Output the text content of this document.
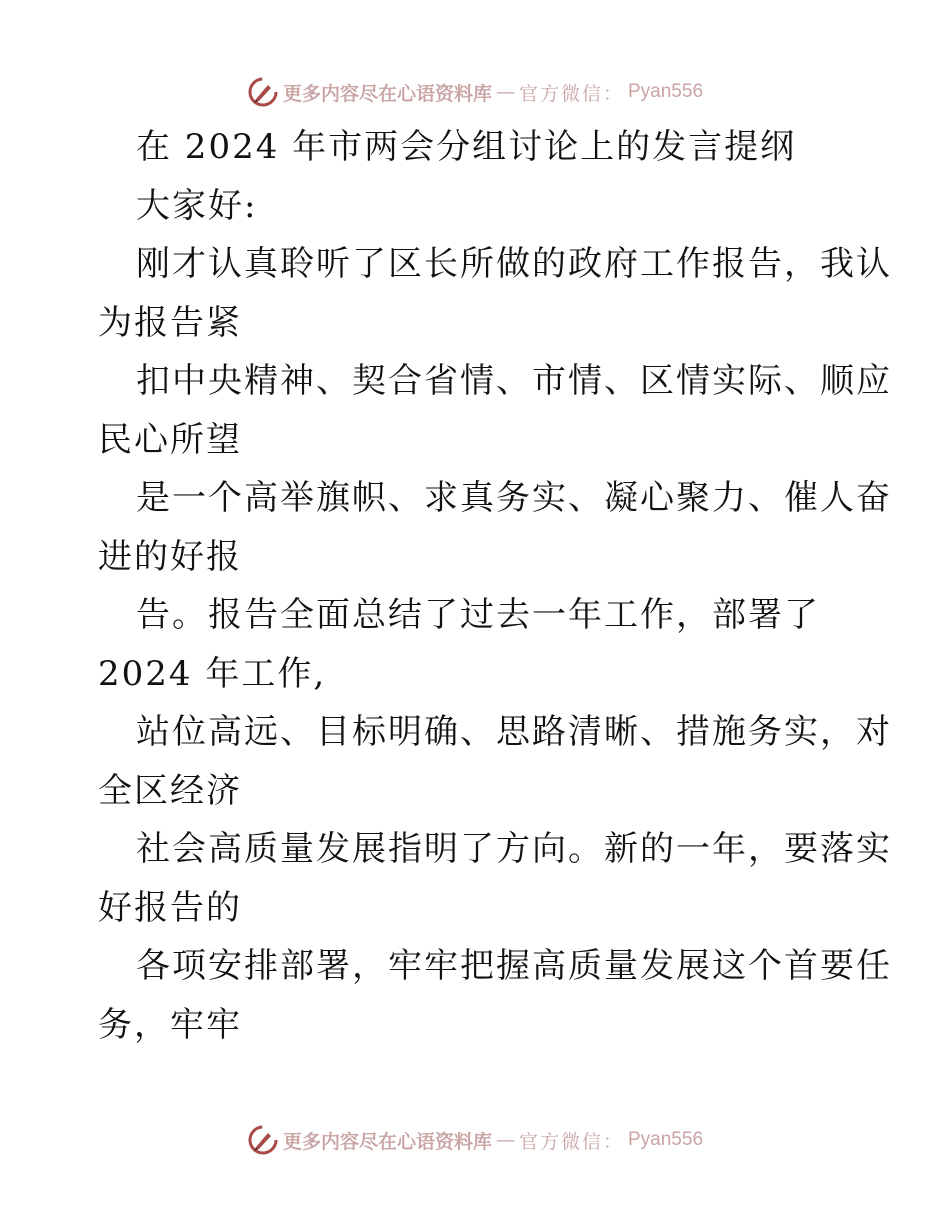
更多内容尽在心语资料库 — 官方微信： Pyan556
在 2024 年市两会分组讨论上的发言提纲
大家好:
刚才认真聆听了区长所做的政府工作报告，我认
为报告紧
扣中央精神、契合省情、市情、区情实际、顺应
民心所望
是一个高举旗帜、求真务实、凝心聚力、催人奋
进的好报
告。报告全面总结了过去一年工作，部署了
2024 年工作,
站位高远、目标明确、思路清晰、措施务实，对
全区经济
社会高质量发展指明了方向。新的一年，要落实
好报告的
各项安排部署，牢牢把握高质量发展这个首要任
务，牢牢
更多内容尽在心语资料库 — 官方微信： Pyan556
